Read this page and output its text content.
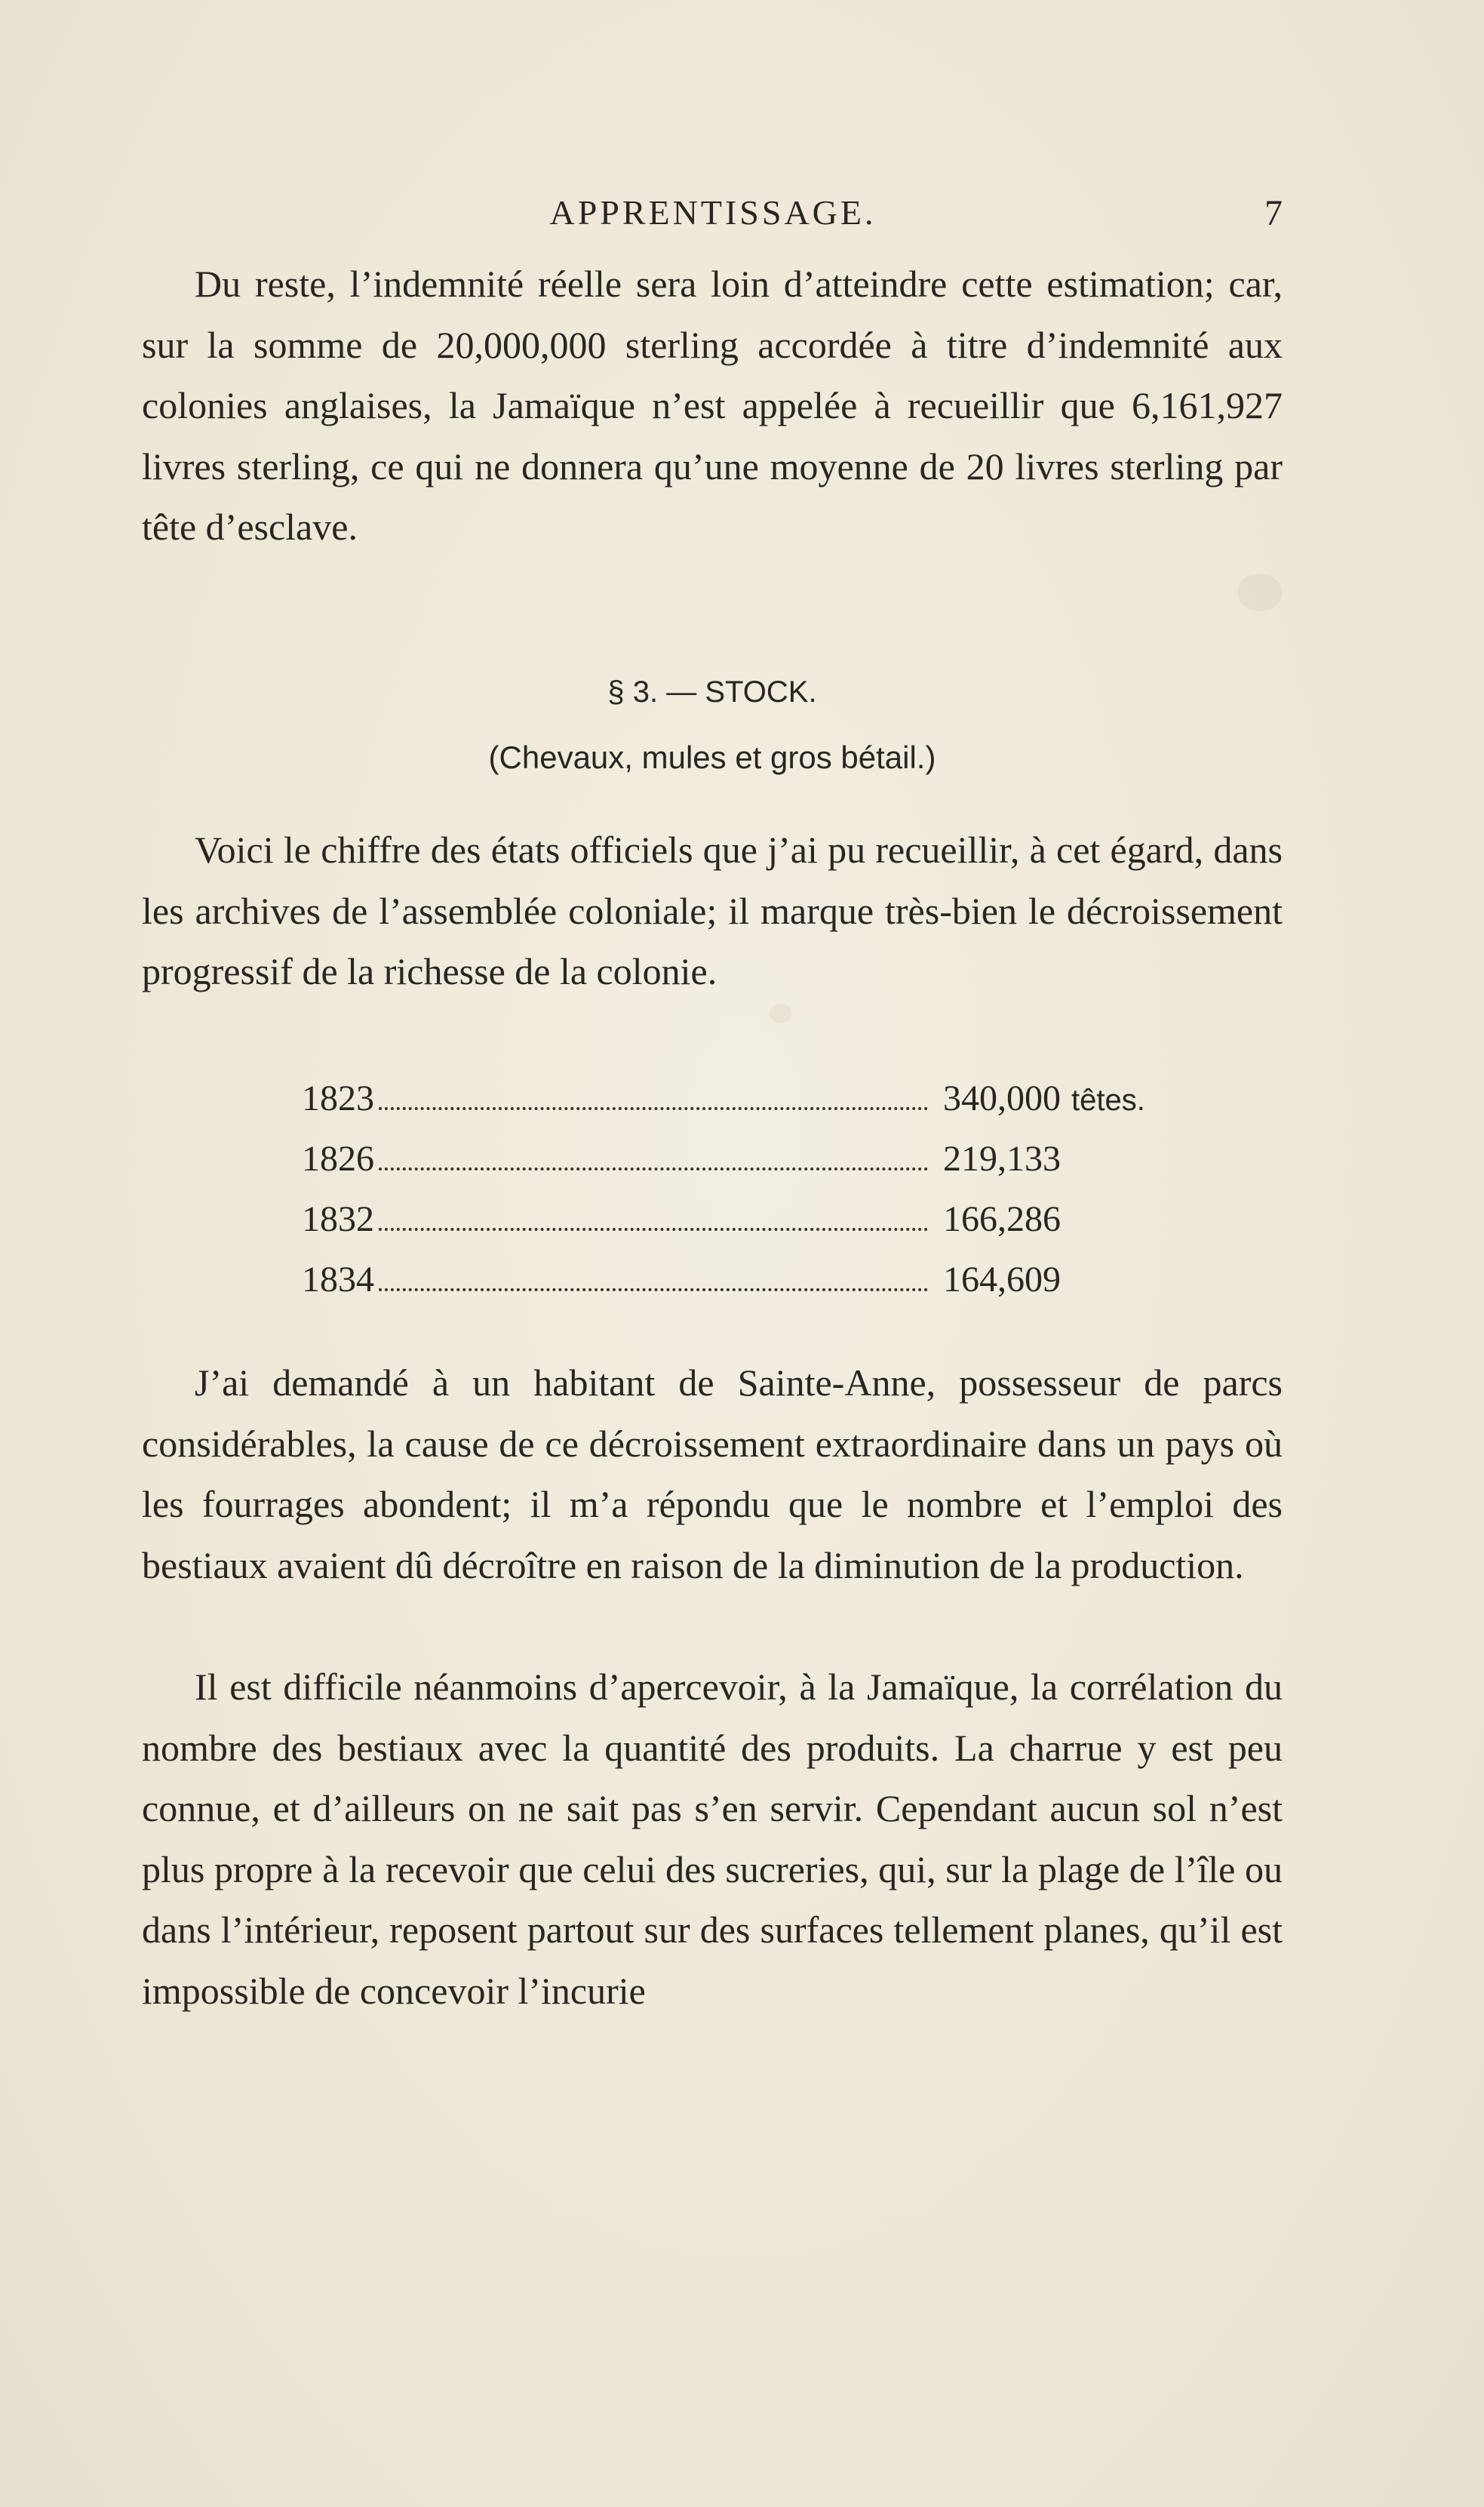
APPRENTISSAGE.	7

Du reste, l’indemnité réelle sera loin d’atteindre cette estimation; car, sur la somme de 20,000,000 sterling accordée à titre d’indemnité aux colonies anglaises, la Jamaïque n’est appelée à recueillir que 6,161,927 livres sterling, ce qui ne donnera qu’une moyenne de 20 livres sterling par tête d’esclave.

§ 3. — STOCK.
(Chevaux, mules et gros bétail.)

Voici le chiffre des états officiels que j’ai pu recueillir, à cet égard, dans les archives de l’assemblée coloniale; il marque très-bien le décroissement progressif de la richesse de la colonie.

1823	340,000 têtes.
1826	219,133
1832	166,286
1834	164,609

J’ai demandé à un habitant de Sainte-Anne, possesseur de parcs considérables, la cause de ce décroissement extraordinaire dans un pays où les fourrages abondent; il m’a répondu que le nombre et l’emploi des bestiaux avaient dû décroître en raison de la diminution de la production.

Il est difficile néanmoins d’apercevoir, à la Jamaïque, la corrélation du nombre des bestiaux avec la quantité des produits. La charrue y est peu connue, et d’ailleurs on ne sait pas s’en servir. Cependant aucun sol n’est plus propre à la recevoir que celui des sucreries, qui, sur la plage de l’île ou dans l’intérieur, reposent partout sur des surfaces tellement planes, qu’il est impossible de concevoir l’incurie
